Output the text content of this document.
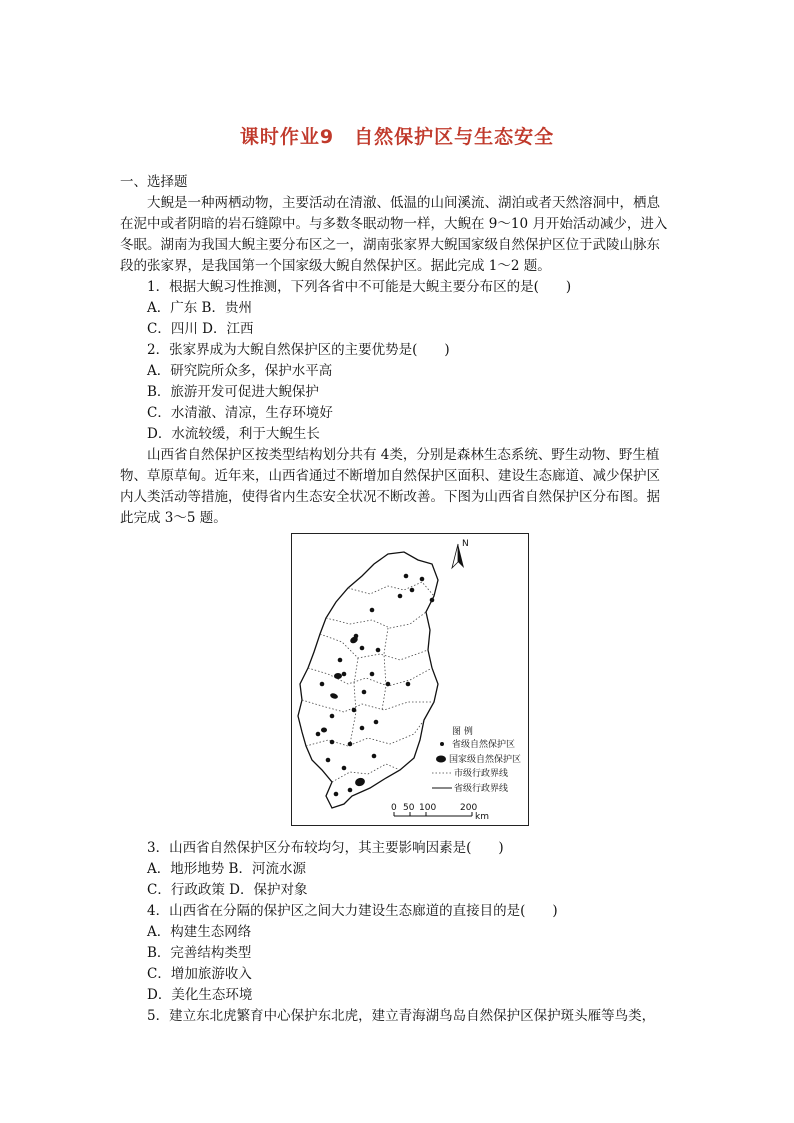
课时作业9　自然保护区与生态安全
一、选择题
大鲵是一种两栖动物，主要活动在清澈、低温的山间溪流、湖泊或者天然溶洞中，栖息
在泥中或者阴暗的岩石缝隙中。与多数冬眠动物一样，大鲵在 9～10 月开始活动减少，进入
冬眠。湖南为我国大鲵主要分布区之一，湖南张家界大鲵国家级自然保护区位于武陵山脉东
段的张家界，是我国第一个国家级大鲵自然保护区。据此完成 1～2 题。
1．根据大鲵习性推测，下列各省中不可能是大鲵主要分布区的是(　　)
A．广东 B．贵州
C．四川 D．江西
2．张家界成为大鲵自然保护区的主要优势是(　　)
A．研究院所众多，保护水平高
B．旅游开发可促进大鲵保护
C．水清澈、清凉，生存环境好
D．水流较缓，利于大鲵生长
山西省自然保护区按类型结构划分共有 4类，分别是森林生态系统、野生动物、野生植
物、草原草甸。近年来，山西省通过不断增加自然保护区面积、建设生态廊道、减少保护区
内人类活动等措施，使得省内生态安全状况不断改善。下图为山西省自然保护区分布图。据
此完成 3～5 题。
N
图 例
省级自然保护区
国家级自然保护区
市级行政界线
省级行政界线
0 50 100	200
km
3．山西省自然保护区分布较均匀，其主要影响因素是(　　)
A．地形地势 B．河流水源
C．行政政策 D．保护对象
4．山西省在分隔的保护区之间大力建设生态廊道的直接目的是(　　)
A．构建生态网络
B．完善结构类型
C．增加旅游收入
D．美化生态环境
5．建立东北虎繁育中心保护东北虎，建立青海湖鸟岛自然保护区保护斑头雁等鸟类，
